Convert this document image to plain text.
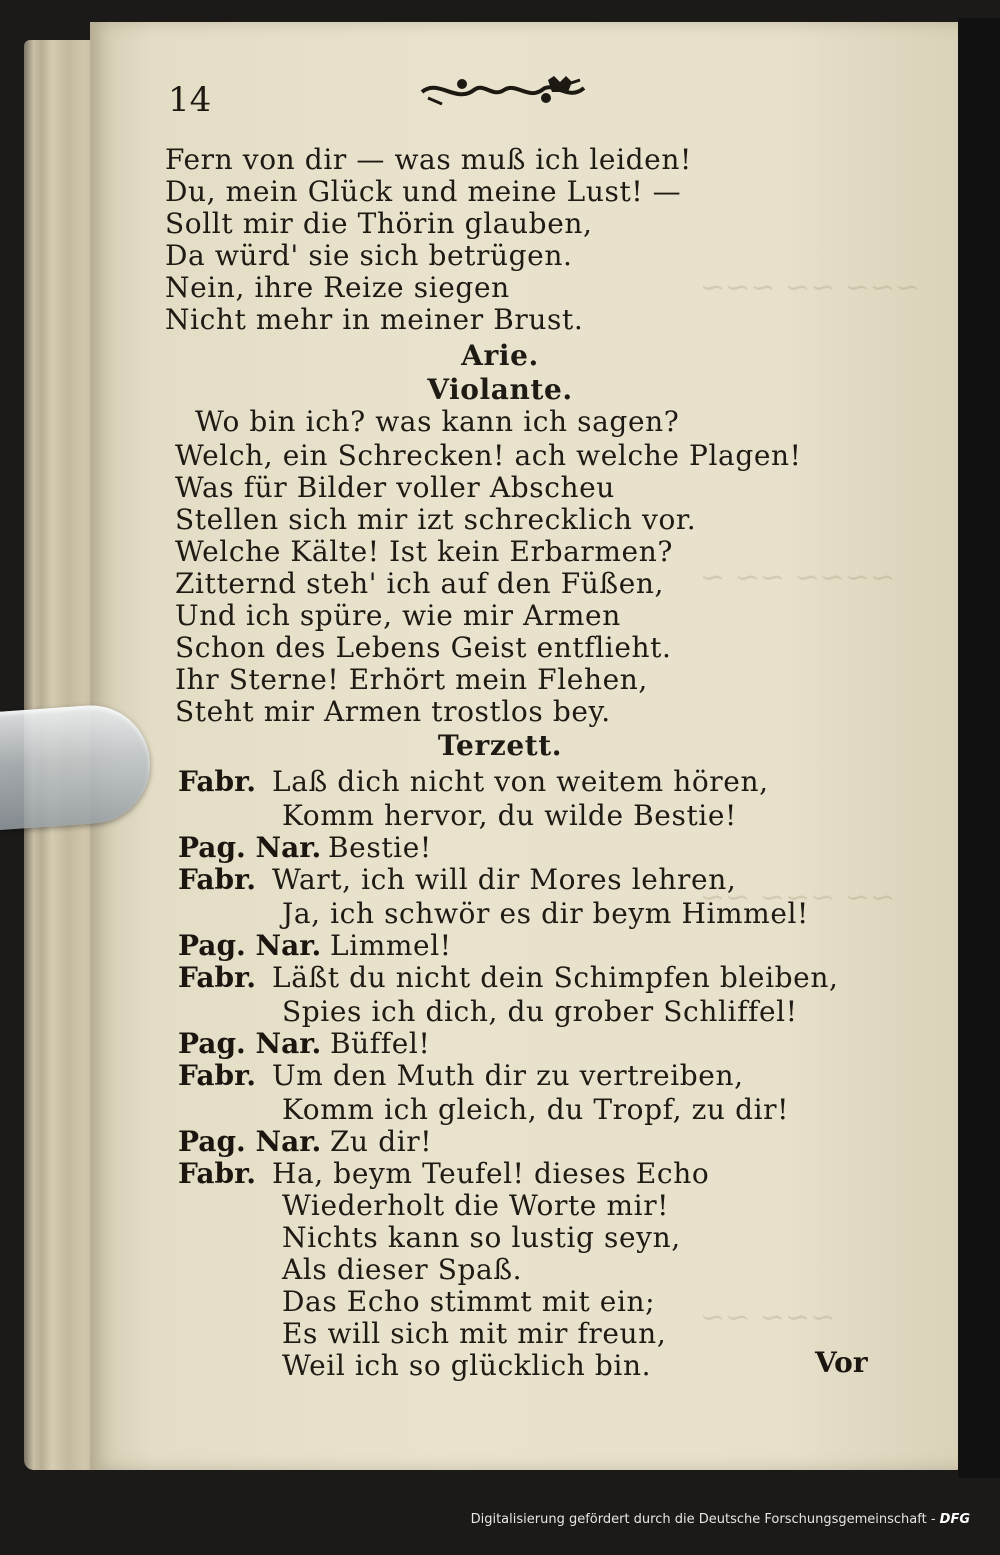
~~~ ~~ ~~~
~~~~ ~~ ~
~~ ~~~ ~~
~~~ ~~
14
Fern von dir — was muß ich leiden!
Du, mein Glück und meine Lust! —
Sollt mir die Thörin glauben,
Da würd' sie sich betrügen.
Nein, ihre Reize siegen
Nicht mehr in meiner Brust.
Arie.
Violante.
Wo bin ich? was kann ich sagen?
Welch, ein Schrecken! ach welche Plagen!
Was für Bilder voller Abscheu
Stellen sich mir izt schrecklich vor.
Welche Kälte! Ist kein Erbarmen?
Zitternd steh' ich auf den Füßen,
Und ich spüre, wie mir Armen
Schon des Lebens Geist entflieht.
Ihr Sterne! Erhört mein Flehen,
Steht mir Armen trostlos bey.
Terzett.
Fabr. Laß dich nicht von weitem hören,
Komm hervor, du wilde Bestie!
Pag. Nar. Bestie!
Fabr. Wart, ich will dir Mores lehren,
Ja, ich schwör es dir beym Himmel!
Pag. Nar. Limmel!
Fabr. Läßt du nicht dein Schimpfen bleiben,
Spies ich dich, du grober Schliffel!
Pag. Nar. Büffel!
Fabr. Um den Muth dir zu vertreiben,
Komm ich gleich, du Tropf, zu dir!
Pag. Nar. Zu dir!
Fabr. Ha, beym Teufel! dieses Echo
Wiederholt die Worte mir!
Nichts kann so lustig seyn,
Als dieser Spaß.
Das Echo stimmt mit ein;
Es will sich mit mir freun,
Weil ich so glücklich bin.	Vor
Digitalisierung gefördert durch die Deutsche Forschungsgemeinschaft - DFG
